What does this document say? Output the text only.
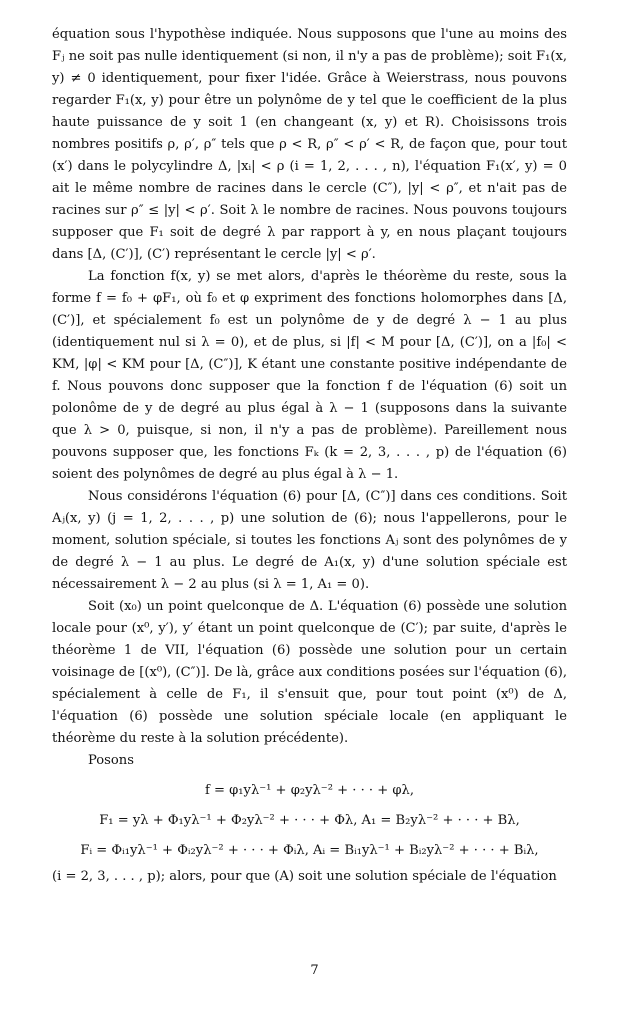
équation sous l'hypothèse indiquée. Nous supposons que l'une au moins des Fⱼ ne soit pas nulle identiquement (si non, il n'y a pas de problème); soit F₁(x, y) ≠ 0 identiquement, pour fixer l'idée. Grâce à Weierstrass, nous pouvons regarder F₁(x, y) pour être un polynôme de y tel que le coefficient de la plus haute puissance de y soit 1 (en changeant (x, y) et R). Choisissons trois nombres positifs ρ, ρ′, ρ″ tels que ρ < R, ρ″ < ρ′ < R, de façon que, pour tout (x′) dans le polycylindre Δ, |xᵢ| < ρ (i = 1, 2, . . . , n), l'équation F₁(x′, y) = 0 ait le même nombre de racines dans le cercle (C″), |y| < ρ″, et n'ait pas de racines sur ρ″ ≤ |y| < ρ′. Soit λ le nombre de racines. Nous pouvons toujours supposer que F₁ soit de degré λ par rapport à y, en nous plaçant toujours dans [Δ, (C′)], (C′) représentant le cercle |y| < ρ′.

La fonction f(x, y) se met alors, d'après le théorème du reste, sous la forme f = f₀ + φF₁, où f₀ et φ expriment des fonctions holomorphes dans [Δ, (C′)], et spécialement f₀ est un polynôme de y de degré λ − 1 au plus (identiquement nul si λ = 0), et de plus, si |f| < M pour [Δ, (C′)], on a |f₀| < KM, |φ| < KM pour [Δ, (C″)], K étant une constante positive indépendante de f. Nous pouvons donc supposer que la fonction f de l'équation (6) soit un polonôme de y de degré au plus égal à λ − 1 (supposons dans la suivante que λ > 0, puisque, si non, il n'y a pas de problème). Pareillement nous pouvons supposer que, les fonctions Fₖ (k = 2, 3, . . . , p) de l'équation (6) soient des polynômes de degré au plus égal à λ − 1.

Nous considérons l'équation (6) pour [Δ, (C″)] dans ces conditions. Soit Aⱼ(x, y) (j = 1, 2, . . . , p) une solution de (6); nous l'appellerons, pour le moment, solution spéciale, si toutes les fonctions Aⱼ sont des polynômes de y de degré λ − 1 au plus. Le degré de A₁(x, y) d'une solution spéciale est nécessairement λ − 2 au plus (si λ = 1, A₁ = 0).

Soit (x₀) un point quelconque de Δ. L'équation (6) possède une solution locale pour (x⁰, y′), y′ étant un point quelconque de (C′); par suite, d'après le théorème 1 de VII, l'équation (6) possède une solution pour un certain voisinage de [(x⁰), (C″)]. De là, grâce aux conditions posées sur l'équation (6), spécialement à celle de F₁, il s'ensuit que, pour tout point (x⁰) de Δ, l'équation (6) possède une solution spéciale locale (en appliquant le théorème du reste à la solution précédente).

Posons

f = φ₁yλ⁻¹ + φ₂yλ⁻² + · · · + φλ,
F₁ = yλ + Φ₁yλ⁻¹ + Φ₂yλ⁻² + · · · + Φλ, A₁ = B₂yλ⁻² + · · · + Bλ,
Fᵢ = Φᵢ₁yλ⁻¹ + Φᵢ₂yλ⁻² + · · · + Φᵢλ, Aᵢ = Bᵢ₁yλ⁻¹ + Bᵢ₂yλ⁻² + · · · + Bᵢλ,

(i = 2, 3, . . . , p); alors, pour que (A) soit une solution spéciale de l'équation

7
